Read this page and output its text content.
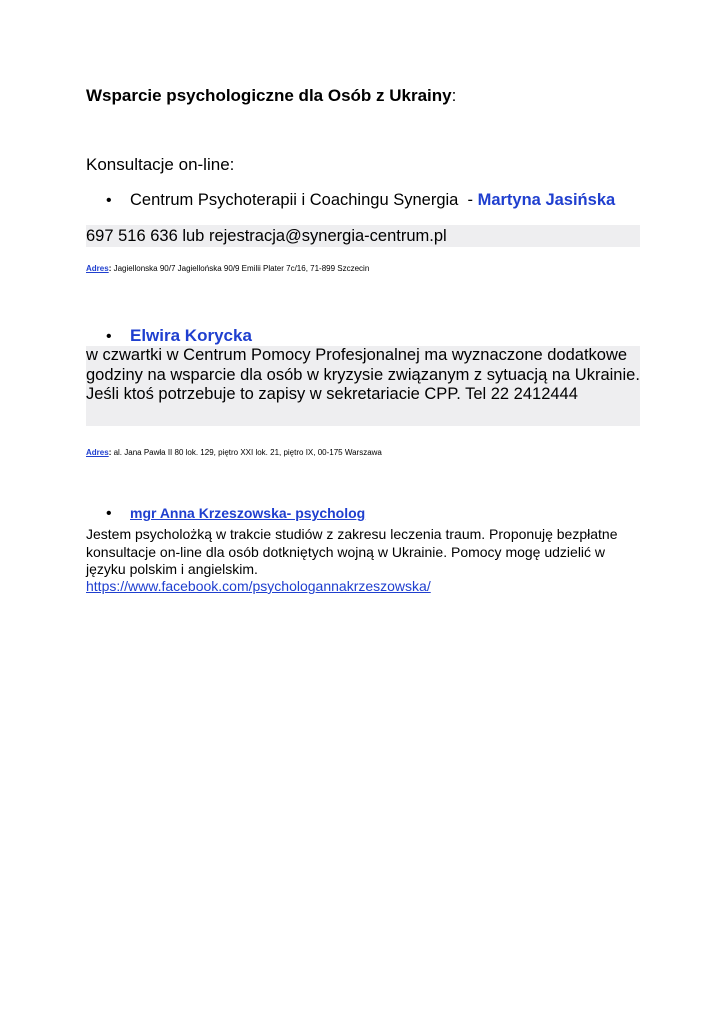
Wsparcie psychologiczne dla Osób z Ukrainy:
Konsultacje on-line:
•	Centrum Psychoterapii i Coachingu Synergia  - Martyna Jasińska
697 516 636 lub rejestracja@synergia-centrum.pl
Adres: Jagiellonska 90/7 Jagiellońska 90/9 Emilii Plater 7c/16, 71-899 Szczecin
•	Elwira Korycka
w czwartki w Centrum Pomocy Profesjonalnej ma wyznaczone dodatkowe godziny na wsparcie dla osób w kryzysie związanym z sytuacją na Ukrainie. Jeśli ktoś potrzebuje to zapisy w sekretariacie CPP. Tel 22 2412444
Adres: al. Jana Pawła II 80 lok. 129, piętro XXI lok. 21, piętro IX, 00-175 Warszawa
•	mgr Anna Krzeszowska- psycholog
Jestem psycholożką w trakcie studiów z zakresu leczenia traum. Proponuję bezpłatne konsultacje on-line dla osób dotkniętych wojną w Ukrainie. Pomocy mogę udzielić w języku polskim i angielskim.
https://www.facebook.com/psychologannakrzeszowska/
